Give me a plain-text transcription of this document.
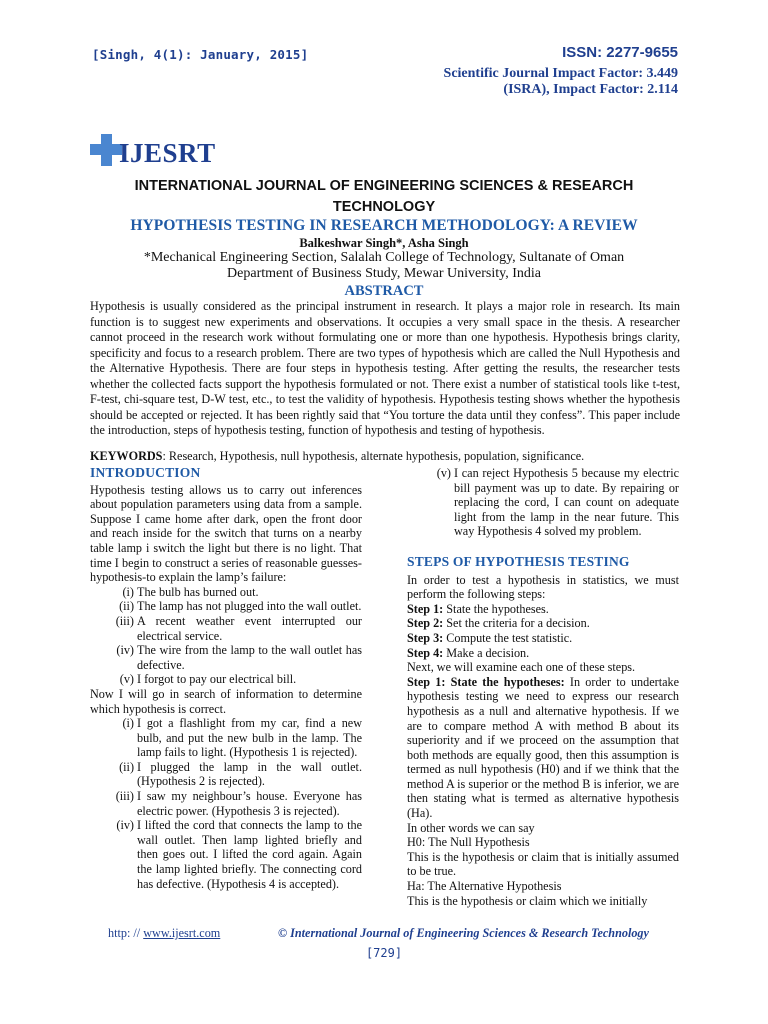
[Singh, 4(1): January, 2015]	ISSN: 2277-9655
Scientific Journal Impact Factor: 3.449
(ISRA), Impact Factor: 2.114
IJESRT
INTERNATIONAL JOURNAL OF ENGINEERING SCIENCES & RESEARCH
TECHNOLOGY
HYPOTHESIS TESTING IN RESEARCH METHODOLOGY: A REVIEW
Balkeshwar Singh*, Asha Singh
*Mechanical Engineering Section, Salalah College of Technology, Sultanate of Oman
Department of Business Study, Mewar University, India
ABSTRACT

Hypothesis is usually considered as the principal instrument in research. It plays a major role in research. Its main function is to suggest new experiments and observations. It occupies a very small space in the thesis. A researcher cannot proceed in the research work without formulating one or more than one hypothesis. Hypothesis brings clarity, specificity and focus to a research problem. There are two types of hypothesis which are called the Null Hypothesis and the Alternative Hypothesis. There are four steps in hypothesis testing. After getting the results, the researcher tests whether the collected facts support the hypothesis formulated or not. There exist a number of statistical tools like t-test, F-test, chi-square test, D-W test, etc., to test the validity of hypothesis. Hypothesis testing shows whether the hypothesis should be accepted or rejected. It has been rightly said that “You torture the data until they confess”. This paper include the introduction, steps of hypothesis testing, function of hypothesis and testing of hypothesis.

KEYWORDS: Research, Hypothesis, null hypothesis, alternate hypothesis, population, significance.
INTRODUCTION

Hypothesis testing allows us to carry out inferences about population parameters using data from a sample. Suppose I came home after dark, open the front door and reach inside for the switch that turns on a nearby table lamp i switch the light but there is no light. That time I begin to construct a series of reasonable guesses-hypothesis-to explain the lamp’s failure:

(i) The bulb has burned out.
(ii) The lamp has not plugged into the wall outlet.
(iii) A recent weather event interrupted our electrical service.
(iv) The wire from the lamp to the wall outlet has defective.
(v) I forgot to pay our electrical bill.

Now I will go in search of information to determine which hypothesis is correct.

(i) I got a flashlight from my car, find a new bulb, and put the new bulb in the lamp. The lamp fails to light. (Hypothesis 1 is rejected).
(ii) I plugged the lamp in the wall outlet. (Hypothesis 2 is rejected).
(iii) I saw my neighbour’s house. Everyone has electric power. (Hypothesis 3 is rejected).
(iv) I lifted the cord that connects the lamp to the wall outlet. Then lamp lighted briefly and then goes out. I lifted the cord again. Again the lamp lighted briefly. The connecting cord has defective. (Hypothesis 4 is accepted).
(v) I can reject Hypothesis 5 because my electric bill payment was up to date. By repairing or replacing the cord, I can count on adequate light from the lamp in the near future. This way Hypothesis 4 solved my problem.
STEPS OF HYPOTHESIS TESTING

In order to test a hypothesis in statistics, we must perform the following steps:

Step 1: State the hypotheses.
Step 2: Set the criteria for a decision.
Step 3: Compute the test statistic.
Step 4: Make a decision.

Next, we will examine each one of these steps.

Step 1: State the hypotheses: In order to undertake hypothesis testing we need to express our research hypothesis as a null and alternative hypothesis. If we are to compare method A with method B about its superiority and if we proceed on the assumption that both methods are equally good, then this assumption is termed as null hypothesis (H0) and if we think that the method A is superior or the method B is inferior, we are then stating what is termed as alternative hypothesis (Ha).

In other words we can say

H0: The Null Hypothesis

This is the hypothesis or claim that is initially assumed to be true.

Ha: The Alternative Hypothesis

This is the hypothesis or claim which we initially

http: // www.ijesrt.com	© International Journal of Engineering Sciences & Research Technology
[729]
